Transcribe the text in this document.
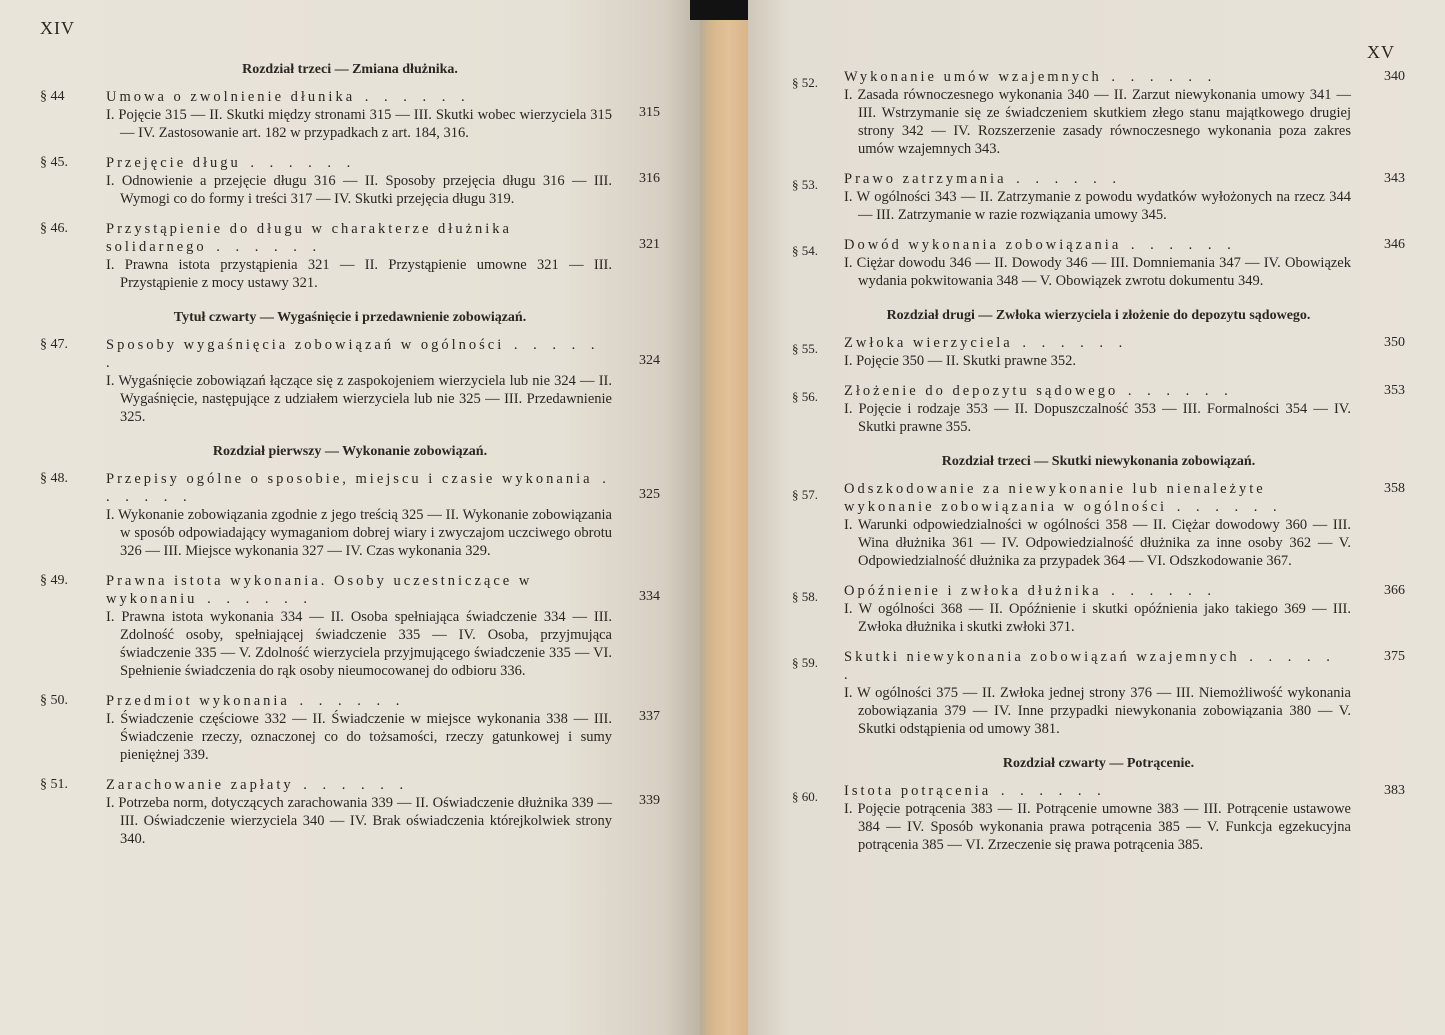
XIV
Rozdział trzeci — Zmiana dłużnika.
§ 44	Umowa o zwolnienie dłunika . . . . . .
I. Pojęcie 315 — II. Skutki między stronami 315 — III. Skutki wobec wierzyciela 315 — IV. Zastosowanie art. 182 w przypadkach z art. 184, 316.
315
§ 45.	Przejęcie długu . . . . . .
I. Odnowienie a przejęcie długu 316 — II. Sposoby przejęcia długu 316 — III. Wymogi co do formy i treści 317 — IV. Skutki przejęcia długu 319.
316
§ 46.	Przystąpienie do długu w charakterze dłużnika solidarnego . . . . . .
I. Prawna istota przystąpienia 321 — II. Przystąpienie umowne 321 — III. Przystąpienie z mocy ustawy 321.
321
Tytuł czwarty — Wygaśnięcie i przedawnienie zobowiązań.
§ 47.	Sposoby wygaśnięcia zobowiązań w ogólności . . . . . .
I. Wygaśnięcie zobowiązań łączące się z zaspokojeniem wierzyciela lub nie 324 — II. Wygaśnięcie, następujące z udziałem wierzyciela lub nie 325 — III. Przedawnienie 325.
324
Rozdział pierwszy — Wykonanie zobowiązań.
§ 48.	Przepisy ogólne o sposobie, miejscu i czasie wykonania . . . . . .
I. Wykonanie zobowiązania zgodnie z jego treścią 325 — II. Wykonanie zobowiązania w sposób odpowiadający wymaganiom dobrej wiary i zwyczajom uczciwego obrotu 326 — III. Miejsce wykonania 327 — IV. Czas wykonania 329.
325
§ 49.	Prawna istota wykonania. Osoby uczestniczące w wykonaniu . . . . . .
I. Prawna istota wykonania 334 — II. Osoba spełniająca świadczenie 334 — III. Zdolność osoby, spełniającej świadczenie 335 — IV. Osoba, przyjmująca świadczenie 335 — V. Zdolność wierzyciela przyjmującego świadczenie 335 — VI. Spełnienie świadczenia do rąk osoby nieumocowanej do odbioru 336.
334
§ 50.	Przedmiot wykonania . . . . . .
I. Świadczenie częściowe 332 — II. Świadczenie w miejsce wykonania 338 — III. Świadczenie rzeczy, oznaczonej co do tożsamości, rzeczy gatunkowej i sumy pieniężnej 339.
337
§ 51.	Zarachowanie zapłaty . . . . . .
I. Potrzeba norm, dotyczących zarachowania 339 — II. Oświadczenie dłużnika 339 — III. Oświadczenie wierzyciela 340 — IV. Brak oświadczenia którejkolwiek strony 340.
339
XV
§ 52.	Wykonanie umów wzajemnych . . . . . .
I. Zasada równoczesnego wykonania 340 — II. Zarzut niewykonania umowy 341 — III. Wstrzymanie się ze świadczeniem skutkiem złego stanu majątkowego drugiej strony 342 — IV. Rozszerzenie zasady równoczesnego wykonania poza zakres umów wzajemnych 343.
340
§ 53.	Prawo zatrzymania . . . . . .
I. W ogólności 343 — II. Zatrzymanie z powodu wydatków wyłożonych na rzecz 344 — III. Zatrzymanie w razie rozwiązania umowy 345.
343
§ 54.	Dowód wykonania zobowiązania . . . . . .
I. Ciężar dowodu 346 — II. Dowody 346 — III. Domniemania 347 — IV. Obowiązek wydania pokwitowania 348 — V. Obowiązek zwrotu dokumentu 349.
346
Rozdział drugi — Zwłoka wierzyciela i złożenie do depozytu sądowego.
§ 55.	Zwłoka wierzyciela . . . . . .
I. Pojęcie 350 — II. Skutki prawne 352.
350
§ 56.	Złożenie do depozytu sądowego . . . . . .
I. Pojęcie i rodzaje 353 — II. Dopuszczalność 353 — III. Formalności 354 — IV. Skutki prawne 355.
353
Rozdział trzeci — Skutki niewykonania zobowiązań.
§ 57.	Odszkodowanie za niewykonanie lub nienależyte wykonanie zobowiązania w ogólności . . . . . .
I. Warunki odpowiedzialności w ogólności 358 — II. Ciężar dowodowy 360 — III. Wina dłużnika 361 — IV. Odpowiedzialność dłużnika za inne osoby 362 — V. Odpowiedzialność dłużnika za przypadek 364 — VI. Odszkodowanie 367.
358
§ 58.	Opóźnienie i zwłoka dłużnika . . . . . .
I. W ogólności 368 — II. Opóźnienie i skutki opóźnienia jako takiego 369 — III. Zwłoka dłużnika i skutki zwłoki 371.
366
§ 59.	Skutki niewykonania zobowiązań wzajemnych . . . . . .
I. W ogólności 375 — II. Zwłoka jednej strony 376 — III. Niemożliwość wykonania zobowiązania 379 — IV. Inne przypadki niewykonania zobowiązania 380 — V. Skutki odstąpienia od umowy 381.
375
Rozdział czwarty — Potrącenie.
§ 60.	Istota potrącenia . . . . . .
I. Pojęcie potrącenia 383 — II. Potrącenie umowne 383 — III. Potrącenie ustawowe 384 — IV. Sposób wykonania prawa potrącenia 385 — V. Funkcja egzekucyjna potrącenia 385 — VI. Zrzeczenie się prawa potrącenia 385.
383
